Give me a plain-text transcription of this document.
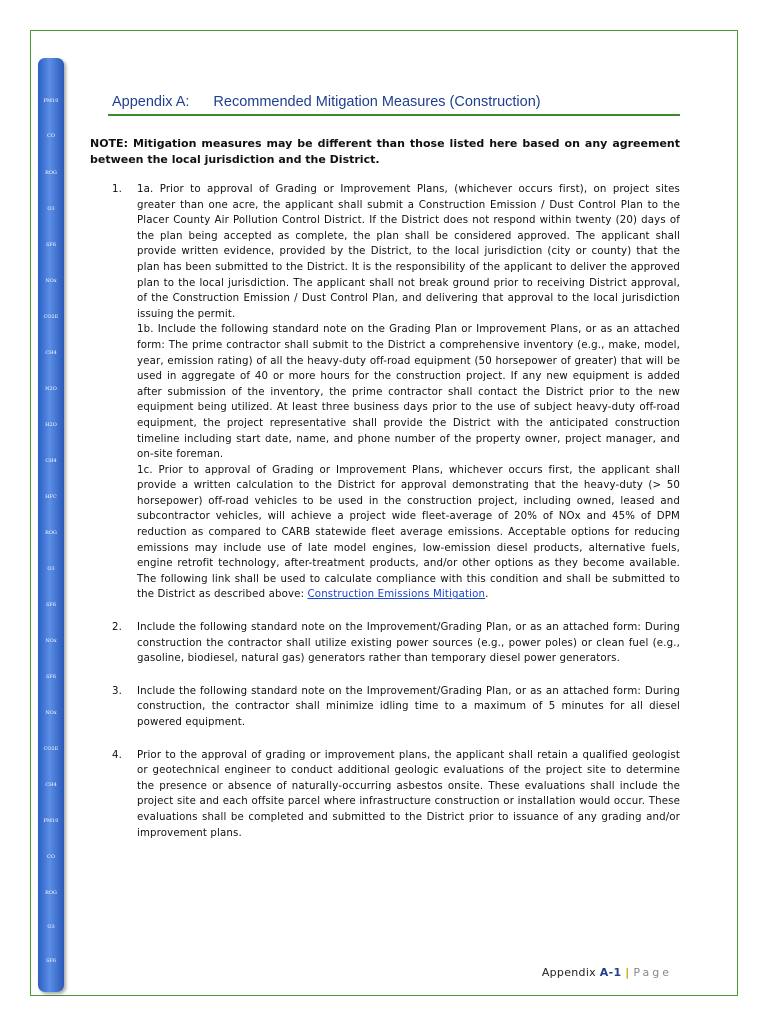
PM10
CO
ROG
O3
SF6
NOx
CO2E
CH4
N2O
H2O
CH4
HFC
ROG
O3
SF6
NOx
SF6
NOx
CO2E
CH4
PM10
CO
ROG
O3
SF6
Appendix A: Recommended Mitigation Measures (Construction)
NOTE: Mitigation measures may be different than those listed here based on any agreement between the local jurisdiction and the District.
1. 1a. Prior to approval of Grading or Improvement Plans, (whichever occurs first), on project sites greater than one acre, the applicant shall submit a Construction Emission / Dust Control Plan to the Placer County Air Pollution Control District. If the District does not respond within twenty (20) days of the plan being accepted as complete, the plan shall be considered approved. The applicant shall provide written evidence, provided by the District, to the local jurisdiction (city or county) that the plan has been submitted to the District. It is the responsibility of the applicant to deliver the approved plan to the local jurisdiction. The applicant shall not break ground prior to receiving District approval, of the Construction Emission / Dust Control Plan, and delivering that approval to the local jurisdiction issuing the permit.

1b. Include the following standard note on the Grading Plan or Improvement Plans, or as an attached form: The prime contractor shall submit to the District a comprehensive inventory (e.g., make, model, year, emission rating) of all the heavy-duty off-road equipment (50 horsepower of greater) that will be used in aggregate of 40 or more hours for the construction project. If any new equipment is added after submission of the inventory, the prime contractor shall contact the District prior to the new equipment being utilized. At least three business days prior to the use of subject heavy-duty off-road equipment, the project representative shall provide the District with the anticipated construction timeline including start date, name, and phone number of the property owner, project manager, and on-site foreman.

1c. Prior to approval of Grading or Improvement Plans, whichever occurs first, the applicant shall provide a written calculation to the District for approval demonstrating that the heavy-duty (> 50 horsepower) off-road vehicles to be used in the construction project, including owned, leased and subcontractor vehicles, will achieve a project wide fleet-average of 20% of NOx and 45% of DPM reduction as compared to CARB statewide fleet average emissions. Acceptable options for reducing emissions may include use of late model engines, low-emission diesel products, alternative fuels, engine retrofit technology, after-treatment products, and/or other options as they become available. The following link shall be used to calculate compliance with this condition and shall be submitted to the District as described above: Construction Emissions Mitigation.

2. Include the following standard note on the Improvement/Grading Plan, or as an attached form: During construction the contractor shall utilize existing power sources (e.g., power poles) or clean fuel (e.g., gasoline, biodiesel, natural gas) generators rather than temporary diesel power generators.

3. Include the following standard note on the Improvement/Grading Plan, or as an attached form: During construction, the contractor shall minimize idling time to a maximum of 5 minutes for all diesel powered equipment.

4. Prior to the approval of grading or improvement plans, the applicant shall retain a qualified geologist or geotechnical engineer to conduct additional geologic evaluations of the project site to determine the presence or absence of naturally-occurring asbestos onsite. These evaluations shall include the project site and each offsite parcel where infrastructure construction or installation would occur. These evaluations shall be completed and submitted to the District prior to issuance of any grading and/or improvement plans.

Appendix A-1 | Page
